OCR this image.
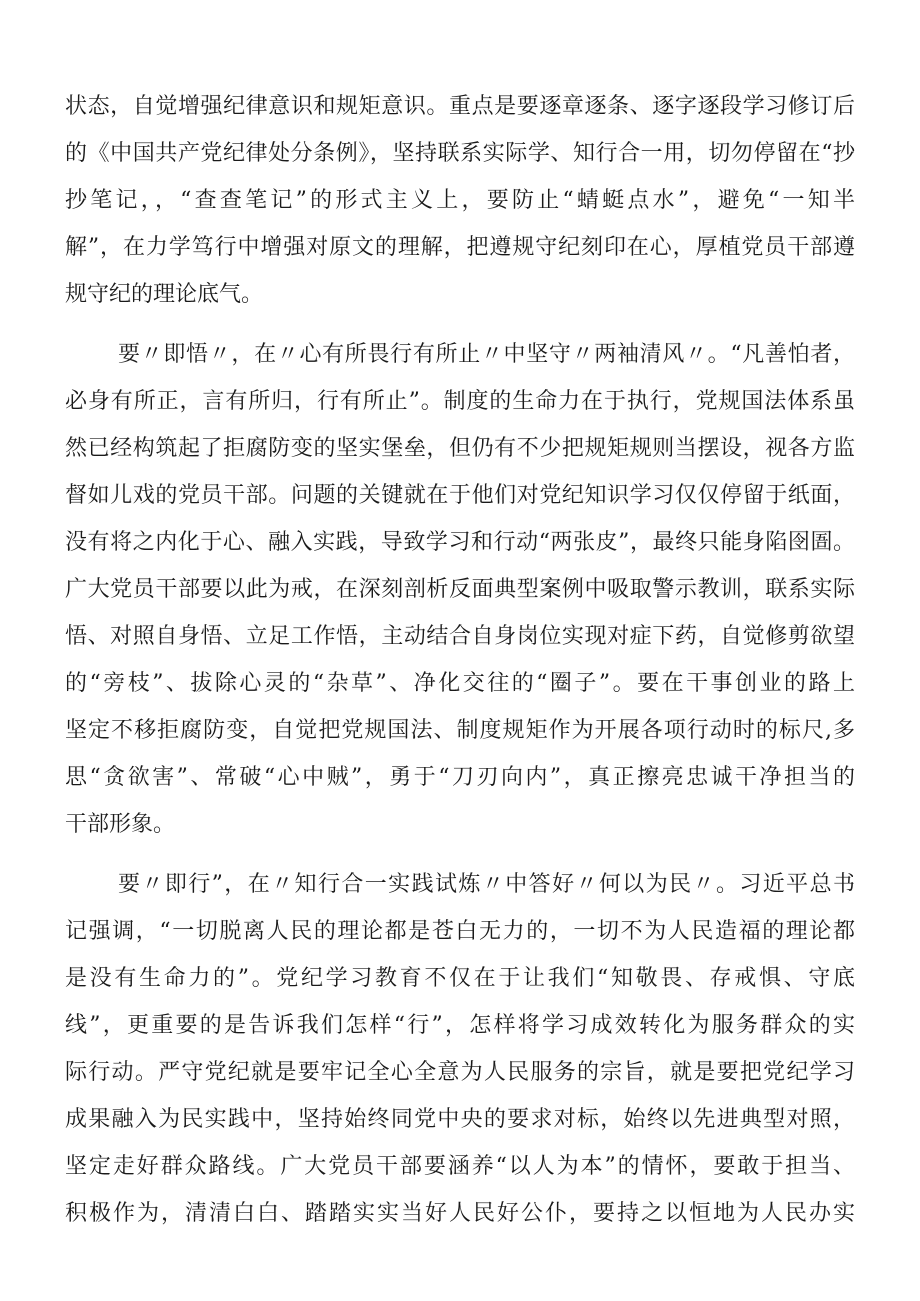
状态，自觉增强纪律意识和规矩意识。重点是要逐章逐条、逐字逐段学习修订后
的《中国共产党纪律处分条例》，坚持联系实际学、知行合一用，切勿停留在“抄
抄笔记，，“查查笔记”的形式主义上，要防止“蜻蜓点水”，避免“一知半
解”，在力学笃行中增强对原文的理解，把遵规守纪刻印在心，厚植党员干部遵
规守纪的理论底气。
要〃即悟〃，在〃心有所畏行有所止〃中坚守〃两袖清风〃。“凡善怕者，
必身有所正，言有所归，行有所止”。制度的生命力在于执行，党规国法体系虽
然已经构筑起了拒腐防变的坚实堡垒，但仍有不少把规矩规则当摆设，视各方监
督如儿戏的党员干部。问题的关键就在于他们对党纪知识学习仅仅停留于纸面，
没有将之内化于心、融入实践，导致学习和行动“两张皮”，最终只能身陷囹圄。
广大党员干部要以此为戒，在深刻剖析反面典型案例中吸取警示教训，联系实际
悟、对照自身悟、立足工作悟，主动结合自身岗位实现对症下药，自觉修剪欲望
的“旁枝”、拔除心灵的“杂草”、净化交往的“圈子”。要在干事创业的路上
坚定不移拒腐防变，自觉把党规国法、制度规矩作为开展各项行动时的标尺,多
思“贪欲害”、常破“心中贼”，勇于“刀刃向内”，真正擦亮忠诚干净担当的
干部形象。
要〃即行”，在〃知行合一实践试炼〃中答好〃何以为民〃。习近平总书
记强调，“一切脱离人民的理论都是苍白无力的，一切不为人民造福的理论都
是没有生命力的”。党纪学习教育不仅在于让我们“知敬畏、存戒惧、守底
线”，更重要的是告诉我们怎样“行”，怎样将学习成效转化为服务群众的实
际行动。严守党纪就是要牢记全心全意为人民服务的宗旨，就是要把党纪学习
成果融入为民实践中，坚持始终同党中央的要求对标，始终以先进典型对照，
坚定走好群众路线。广大党员干部要涵养“以人为本”的情怀，要敢于担当、
积极作为，清清白白、踏踏实实当好人民好公仆，要持之以恒地为人民办实
